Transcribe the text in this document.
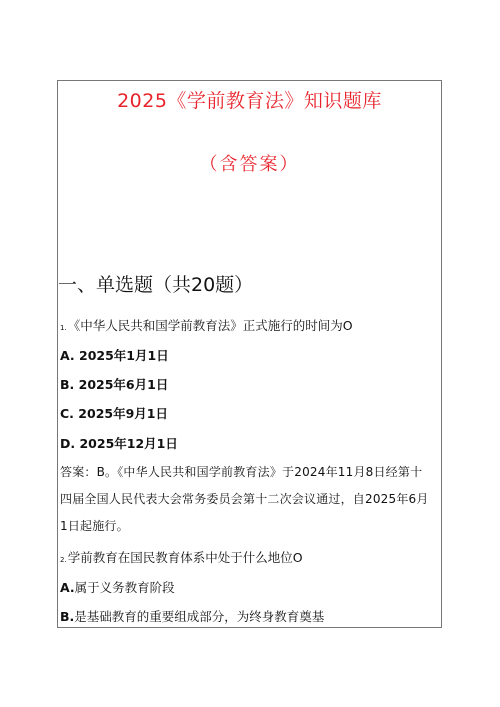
2025《学前教育法》知识题库
（含答案）
一、单选题（共20题）
1.《中华人民共和国学前教育法》正式施行的时间为O
A. 2025年1月1日
B. 2025年6月1日
C. 2025年9月1日
D. 2025年12月1日
答案：B。《中华人民共和国学前教育法》于2024年11月8日经第十
四届全国人民代表大会常务委员会第十二次会议通过，自2025年6月
1日起施行。
2.学前教育在国民教育体系中处于什么地位O
A.属于义务教育阶段
B.是基础教育的重要组成部分，为终身教育奠基
